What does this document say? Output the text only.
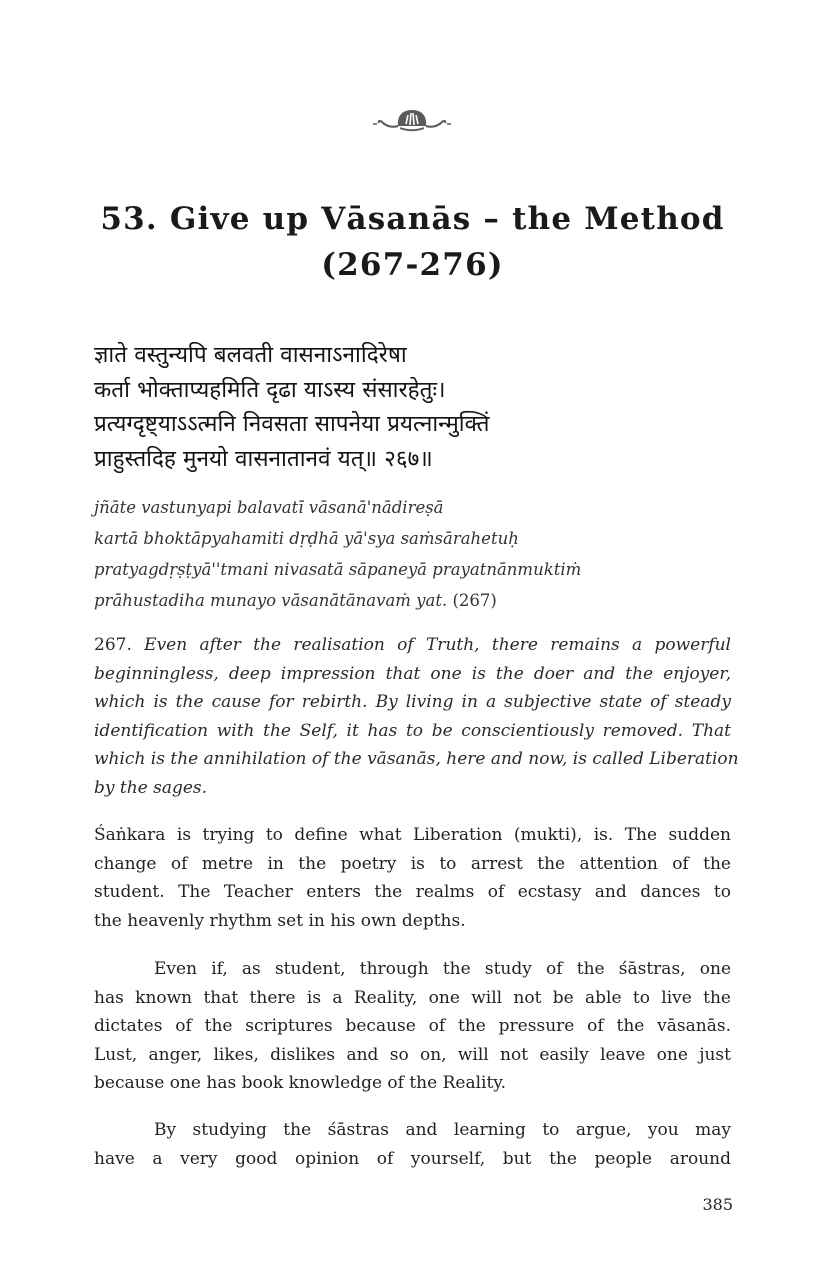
53. Give up Vāsanās – the Method
(267-276)
ज्ञाते वस्तुन्यपि बलवती वासनाऽनादिरेषा
कर्ता भोक्ताप्यहमिति दृढा याऽस्य संसारहेतुः।
प्रत्यग्दृष्ट्याऽऽत्मनि निवसता सापनेया प्रयत्नान्मुक्तिं
प्राहुस्तदिह मुनयो वासनातानवं यत्॥ २६७॥
jñāte vastunyapi balavatī vāsanā'nādireṣā
kartā bhoktāpyahamiti dṛḍhā yā'sya saṁsārahetuḥ
pratyagdṛṣṭyā''tmani nivasatā sāpaneyā prayatnānmuktiṁ
prāhustadiha munayo vāsanātānavaṁ yat. (267)
267. Even after the realisation of Truth, there remains a powerful
beginningless, deep impression that one is the doer and the enjoyer,
which is the cause for rebirth. By living in a subjective state of steady
identification with the Self, it has to be conscientiously removed. That
which is the annihilation of the vāsanās, here and now, is called Liberation
by the sages.
Śaṅkara is trying to define what Liberation (mukti), is. The sudden
change of metre in the poetry is to arrest the attention of the
student. The Teacher enters the realms of ecstasy and dances to
the heavenly rhythm set in his own depths.
Even if, as student, through the study of the śāstras, one
has known that there is a Reality, one will not be able to live the
dictates of the scriptures because of the pressure of the vāsanās.
Lust, anger, likes, dislikes and so on, will not easily leave one just
because one has book knowledge of the Reality.
By studying the śāstras and learning to argue, you may
have a very good opinion of yourself, but the people around
385
